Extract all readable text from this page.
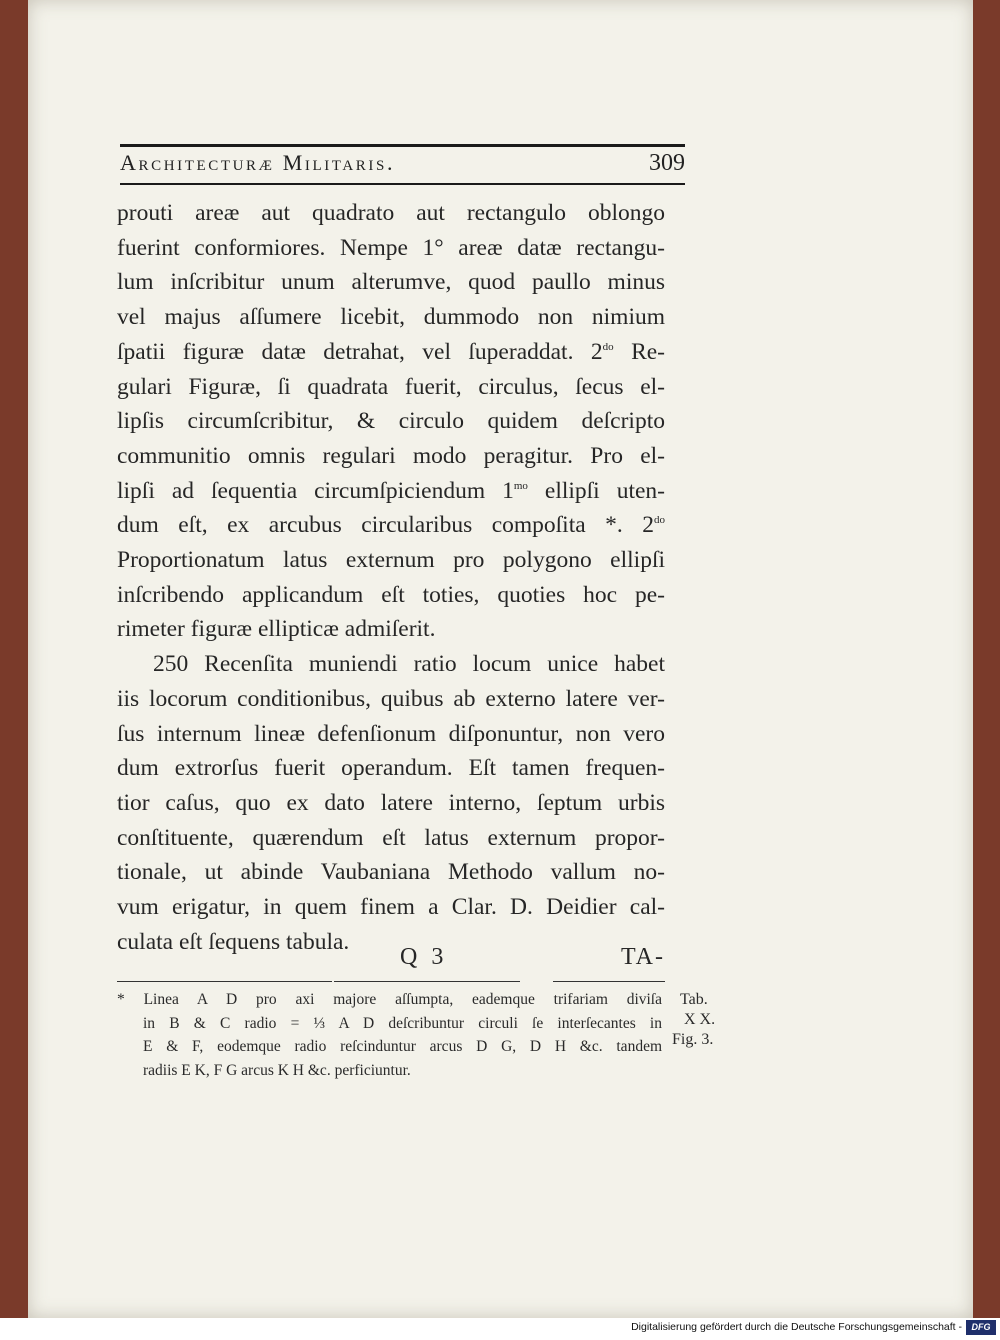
Architecturæ Militaris.	309

prouti areæ aut quadrato aut rectangulo oblongo
fuerint conformiores. Nempe 1° areæ datæ rectangu-
lum inſcribitur unum alterumve, quod paullo minus
vel majus aſſumere licebit, dummodo non nimium
ſpatii figuræ datæ detrahat, vel ſuperaddat. $2^{do}$ Re-
gulari Figuræ, ſi quadrata fuerit, circulus, ſecus el-
lipſis circumſcribitur, & circulo quidem deſcripto
communitio omnis regulari modo peragitur. Pro el-
lipſi ad ſequentia circumſpiciendum $1^{mo}$ ellipſi uten-
dum eſt, ex arcubus circularibus compoſita *. $2^{do}$
Proportionatum latus externum pro polygono ellipſi
inſcribendo applicandum eſt toties, quoties hoc pe-
rimeter figuræ ellipticæ admiſerit.

250 Recenſita muniendi ratio locum unice habet
iis locorum conditionibus, quibus ab externo latere ver-
ſus internum lineæ defenſionum diſponuntur, non vero
dum extrorſus fuerit operandum. Eſt tamen frequen-
tior caſus, quo ex dato latere interno, ſeptum urbis
conſtituente, quærendum eſt latus externum propor-
tionale, ut abinde Vaubaniana Methodo vallum no-
vum erigatur, in quem finem a Clar. D. Deidier cal-
culata eſt ſequens tabula.

Q 3	TA-
* Linea A D pro axi majore aſſumpta, eademque trifariam diviſa
in B & C radio = ⅓ A D deſcribuntur circuli ſe interſecantes in
E & F, eodemque radio reſcinduntur arcus D G, D H &c. tandem
radiis E K, F G arcus K H &c. perficiuntur.
Tab.
X X.
Fig. 3.
Digitalisierung gefördert durch die Deutsche Forschungsgemeinschaft -	DFG
